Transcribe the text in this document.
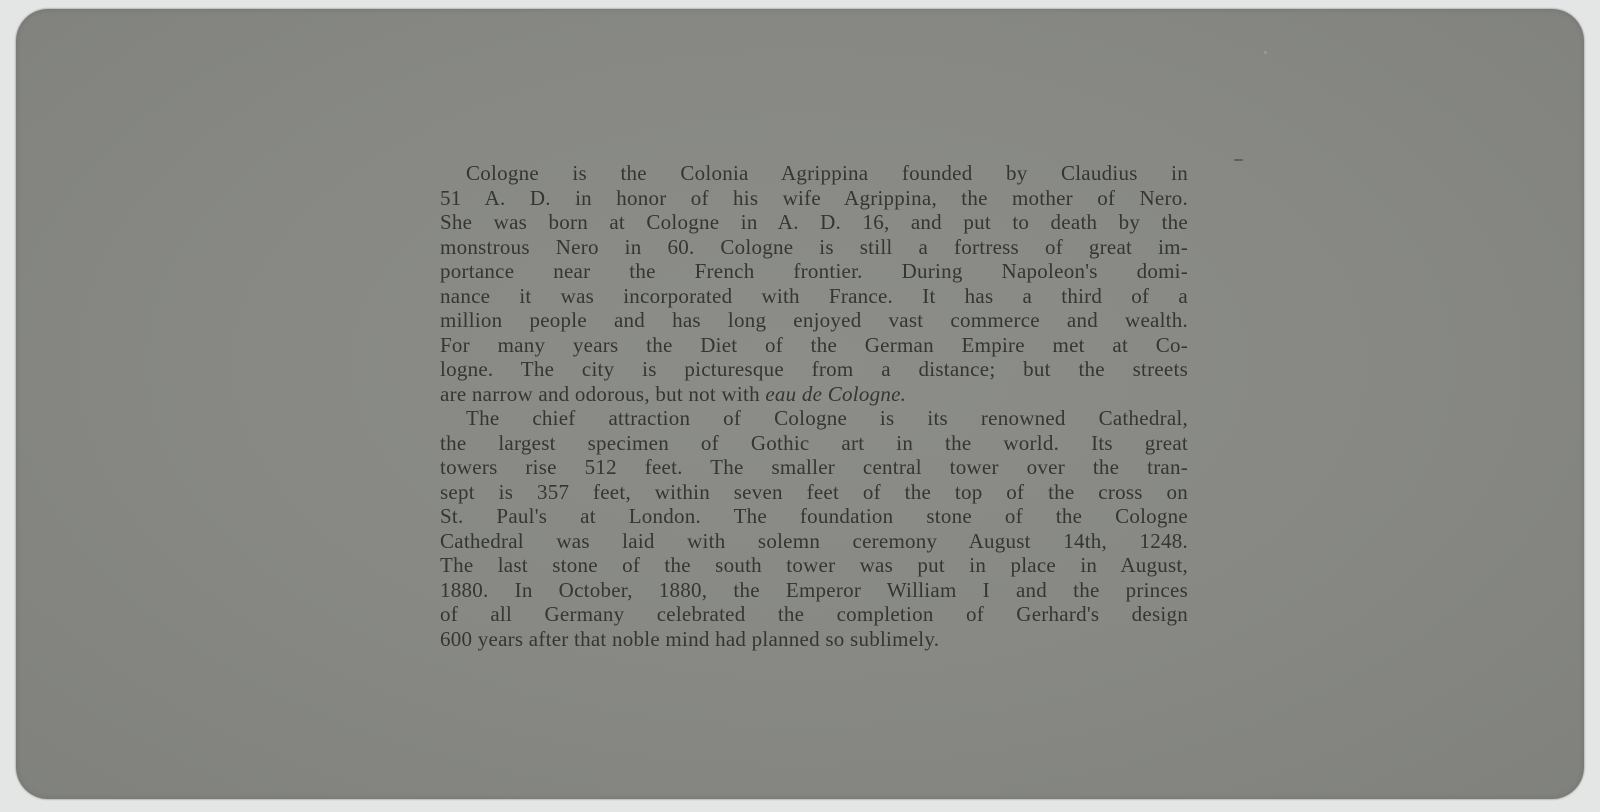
Cologne is the Colonia Agrippina founded by Claudius in
51 A. D. in honor of his wife Agrippina, the mother of Nero.
She was born at Cologne in A. D. 16, and put to death by the
monstrous Nero in 60. Cologne is still a fortress of great im-
portance near the French frontier. During Napoleon's domi-
nance it was incorporated with France. It has a third of a
million people and has long enjoyed vast commerce and wealth.
For many years the Diet of the German Empire met at Co-
logne. The city is picturesque from a distance; but the streets
are narrow and odorous, but not with eau de Cologne.
The chief attraction of Cologne is its renowned Cathedral,
the largest specimen of Gothic art in the world. Its great
towers rise 512 feet. The smaller central tower over the tran-
sept is 357 feet, within seven feet of the top of the cross on
St. Paul's at London. The foundation stone of the Cologne
Cathedral was laid with solemn ceremony August 14th, 1248.
The last stone of the south tower was put in place in August,
1880. In October, 1880, the Emperor William I and the princes
of all Germany celebrated the completion of Gerhard's design
600 years after that noble mind had planned so sublimely.
